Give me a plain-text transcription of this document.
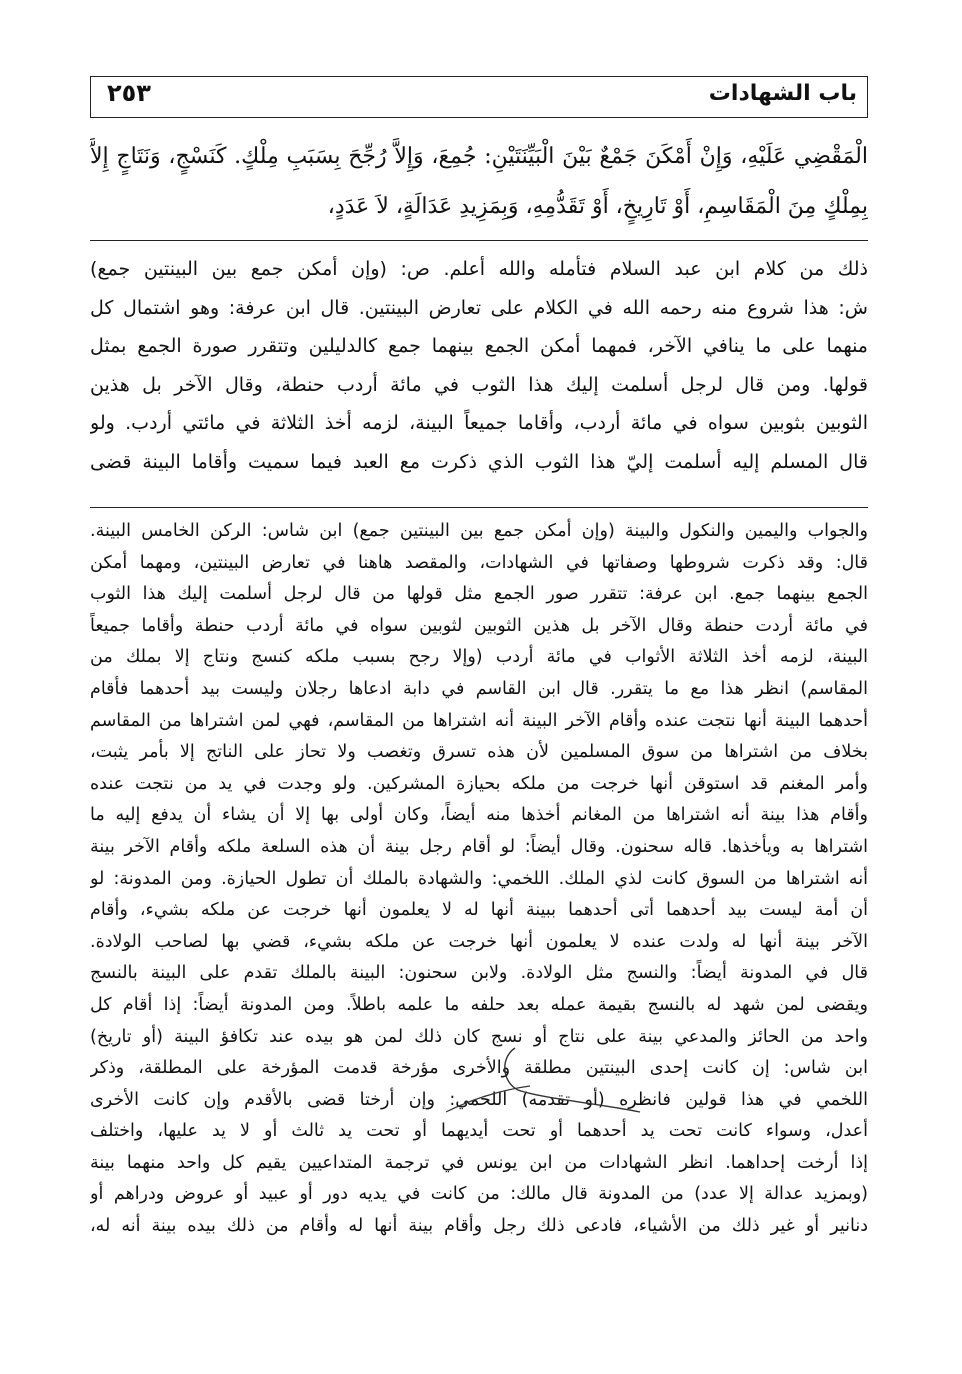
باب الشهادات
٢٥٣
الْمَقْضِي عَلَيْهِ، وَإِنْ أَمْكَنَ جَمْعٌ بَيْنَ الْبَيِّنَتَيْنِ: جُمِعَ، وَإِلاَّ رُجِّحَ بِسَبَبِ مِلْكٍ. كَنَسْجٍ، وَنَتَاجٍ إِلاَّ
بِمِلْكٍ مِنَ الْمَقَاسِمِ، أَوْ تَارِيخٍ، أَوْ تَقَدُّمِهِ، وَبِمَزِيدِ عَدَالَةٍ، لاَ عَدَدٍ،
ذلك من كلام ابن عبد السلام فتأمله والله أعلم. ص: (وإن أمكن جمع بين البينتين جمع)
ش: هذا شروع منه رحمه الله في الكلام على تعارض البينتين. قال ابن عرفة: وهو اشتمال كل
منهما على ما ينافي الآخر، فمهما أمكن الجمع بينهما جمع كالدليلين وتتقرر صورة الجمع بمثل
قولها. ومن قال لرجل أسلمت إليك هذا الثوب في مائة أردب حنطة، وقال الآخر بل هذين
الثوبين بثوبين سواه في مائة أردب، وأقاما جميعاً البينة، لزمه أخذ الثلاثة في مائتي أردب. ولو
قال المسلم إليه أسلمت إليّ هذا الثوب الذي ذكرت مع العبد فيما سميت وأقاما البينة قضى
والجواب واليمين والنكول والبينة (وإن أمكن جمع بين البينتين جمع) ابن شاس: الركن الخامس البينة.
قال: وقد ذكرت شروطها وصفاتها في الشهادات، والمقصد هاهنا في تعارض البينتين، ومهما أمكن
الجمع بينهما جمع. ابن عرفة: تتقرر صور الجمع مثل قولها من قال لرجل أسلمت إليك هذا الثوب
في مائة أردت حنطة وقال الآخر بل هذين الثوبين لثوبين سواه في مائة أردب حنطة وأقاما جميعاً
البينة، لزمه أخذ الثلاثة الأثواب في مائة أردب (وإلا رجح بسبب ملكه كنسج ونتاج إلا بملك من
المقاسم) انظر هذا مع ما يتقرر. قال ابن القاسم في دابة ادعاها رجلان وليست بيد أحدهما فأقام
أحدهما البينة أنها نتجت عنده وأقام الآخر البينة أنه اشتراها من المقاسم، فهي لمن اشتراها من المقاسم
بخلاف من اشتراها من سوق المسلمين لأن هذه تسرق وتغصب ولا تحاز على الناتج إلا بأمر يثبت،
وأمر المغنم قد استوقن أنها خرجت من ملكه بحيازة المشركين. ولو وجدت في يد من نتجت عنده
وأقام هذا بينة أنه اشتراها من المغانم أخذها منه أيضاً، وكان أولى بها إلا أن يشاء أن يدفع إليه ما
اشتراها به ويأخذها. قاله سحنون. وقال أيضاً: لو أقام رجل بينة أن هذه السلعة ملكه وأقام الآخر بينة
أنه اشتراها من السوق كانت لذي الملك. اللخمي: والشهادة بالملك أن تطول الحيازة. ومن المدونة: لو
أن أمة ليست بيد أحدهما أتى أحدهما ببينة أنها له لا يعلمون أنها خرجت عن ملكه بشيء، وأقام
الآخر بينة أنها له ولدت عنده لا يعلمون أنها خرجت عن ملكه بشيء، قضي بها لصاحب الولادة.
قال في المدونة أيضاً: والنسج مثل الولادة. ولابن سحنون: البينة بالملك تقدم على البينة بالنسج
ويقضى لمن شهد له بالنسج بقيمة عمله بعد حلفه ما علمه باطلاً. ومن المدونة أيضاً: إذا أقام كل
واحد من الحائز والمدعي بينة على نتاج أو نسج كان ذلك لمن هو بيده عند تكافؤ البينة (أو تاريخ)
ابن شاس: إن كانت إحدى البينتين مطلقة والأخرى مؤرخة قدمت المؤرخة على المطلقة، وذكر
اللخمي في هذا قولين فانظره (أو تقدمه) اللخمي: وإن أرختا قضى بالأقدم وإن كانت الأخرى
أعدل، وسواء كانت تحت يد أحدهما أو تحت أيديهما أو تحت يد ثالث أو لا يد عليها، واختلف
إذا أرخت إحداهما. انظر الشهادات من ابن يونس في ترجمة المتداعيين يقيم كل واحد منهما بينة
(وبمزيد عدالة إلا عدد) من المدونة قال مالك: من كانت في يديه دور أو عبيد أو عروض ودراهم أو
دنانير أو غير ذلك من الأشياء، فادعى ذلك رجل وأقام بينة أنها له وأقام من ذلك بيده بينة أنه له،
